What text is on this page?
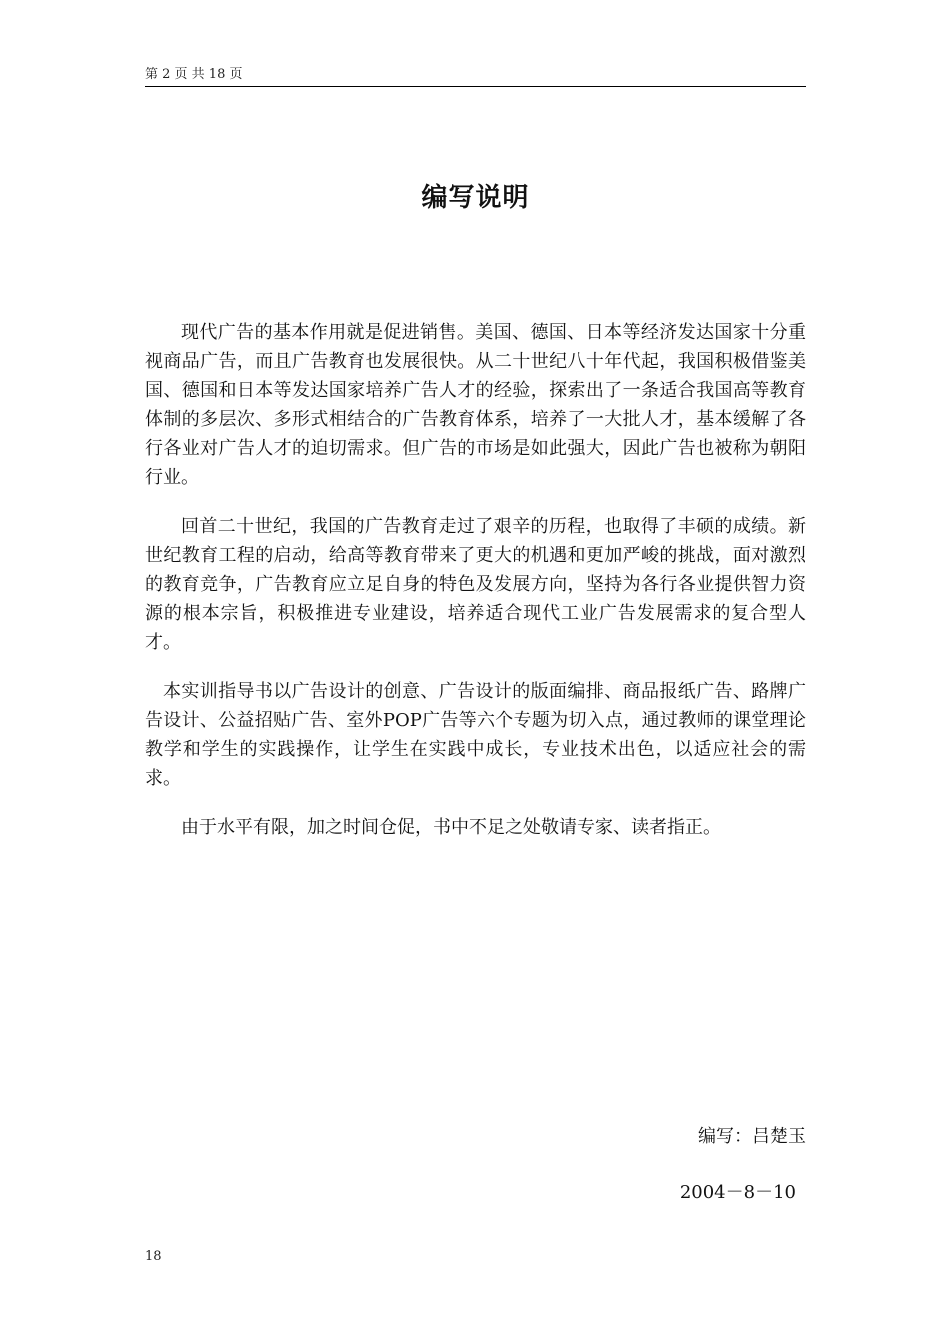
第 2 页 共 18 页
编写说明

现代广告的基本作用就是促进销售。美国、德国、日本等经济发达国家十分重视商品广告，而且广告教育也发展很快。从二十世纪八十年代起，我国积极借鉴美国、德国和日本等发达国家培养广告人才的经验，探索出了一条适合我国高等教育体制的多层次、多形式相结合的广告教育体系，培养了一大批人才，基本缓解了各行各业对广告人才的迫切需求。但广告的市场是如此强大，因此广告也被称为朝阳行业。

回首二十世纪，我国的广告教育走过了艰辛的历程，也取得了丰硕的成绩。新世纪教育工程的启动，给高等教育带来了更大的机遇和更加严峻的挑战，面对激烈的教育竞争，广告教育应立足自身的特色及发展方向，坚持为各行各业提供智力资源的根本宗旨，积极推进专业建设，培养适合现代工业广告发展需求的复合型人才。

本实训指导书以广告设计的创意、广告设计的版面编排、商品报纸广告、路牌广告设计、公益招贴广告、室外POP广告等六个专题为切入点，通过教师的课堂理论教学和学生的实践操作，让学生在实践中成长，专业技术出色，以适应社会的需求。

由于水平有限，加之时间仓促，书中不足之处敬请专家、读者指正。

编写：吕楚玉
2004－8－10
18
